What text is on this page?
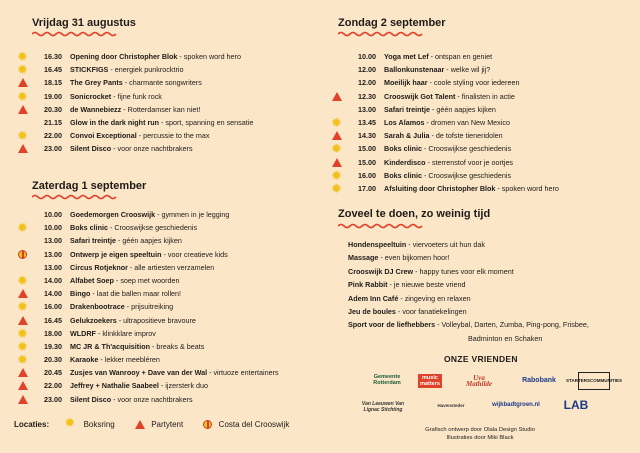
Vrijdag 31 augustus
✹
16.30 Opening door Christopher Blok - spoken word hero
✹
16.45 STICKFIGS - energiek punkrocktrio
18.15 The Grey Pants - charmante songwriters
✹
19.00 Sonicrocket - fijne funk rock
20.30 de Wannebiezz - Rotterdamser kan niet!
21.15 Glow in the dark night run - sport, spanning en sensatie
✹
22.00 Convoi Exceptional - percussie to the max
23.00 Silent Disco - voor onze nachtbrakers
Zaterdag 1 september
10.00 Goedemorgen Crooswijk - gymmen in je legging
✹
10.00 Boks clinic - Crooswijkse geschiedenis
13.00 Safari treintje - géén aapjes kijken
13.00 Ontwerp je eigen speeltuin - voor creatieve kids
13.00 Circus Rotjeknor - alle artiesten verzamelen
✹
14.00 Alfabet Soep - soep met woorden
14.00 Bingo - laat die ballen maar rollen!
✹
16.00 Drakenbootrace - prijsuitreiking
16.45 Gelukzoekers - ultrapositieve bravoure
✹
18.00 WLDRF - klinkklare improv
✹
19.30 MC JR & Th'acquisition - breaks & beats
✹
20.30 Karaoke - lekker meebléren
20.45 Zusjes van Wanrooy + Dave van der Wal - virtuoze entertainers
22.00 Jeffrey + Nathalie Saabeel - ijzersterk duo
23.00 Silent Disco - voor onze nachtbrakers
Locaties: ✹	Boksring	Partytent	Costa del Crooswijk
Zondag 2 september
10.00 Yoga met Lef - ontspan en geniet
12.00 Ballonkunstenaar - welke wil jij?
12.00 Moeilijk haar - coole styling voor iedereen
12.30 Crooswijk Got Talent - finalisten in actie
13.00 Safari treintje - géén aapjes kijken
✹
13.45 Los Alamos - dromen van New Mexico
14.30 Sarah & Julia - de tofste tieneridolen
✹
15.00 Boks clinic - Crooswijkse geschiedenis
15.00 Kinderdisco - sterrenstof voor je oortjes
✹
16.00 Boks clinic - Crooswijkse geschiedenis
✹
17.00 Afsluiting door Christopher Blok - spoken word hero
Zoveel te doen, zo weinig tijd
Hondenspeeltuin - viervoeters uit hun dak
Massage - even bijkomen hoor!
Crooswijk DJ Crew - happy tunes voor elk moment
Pink Rabbit - je nieuwe beste vriend
Adem Inn Café - zingeving en relaxen
Jeu de boules - voor fanatiekelingen
Sport voor de liefhebbers - Volleybal, Darten, Zumba, Ping-pong, Frisbee,
Badminton en Schaken
ONZE VRIENDEN
Gemeente Rotterdam
music matters
Uva Mathilde	Rabobank	STARTERSCOMMUNITIES
Van Leeuwen Van Lignac Stichting
Havensteder	wijkbadtgroen.nl	LAB
Grafisch ontwerp door Olala Design Studio
Illustraties door Miki Black
